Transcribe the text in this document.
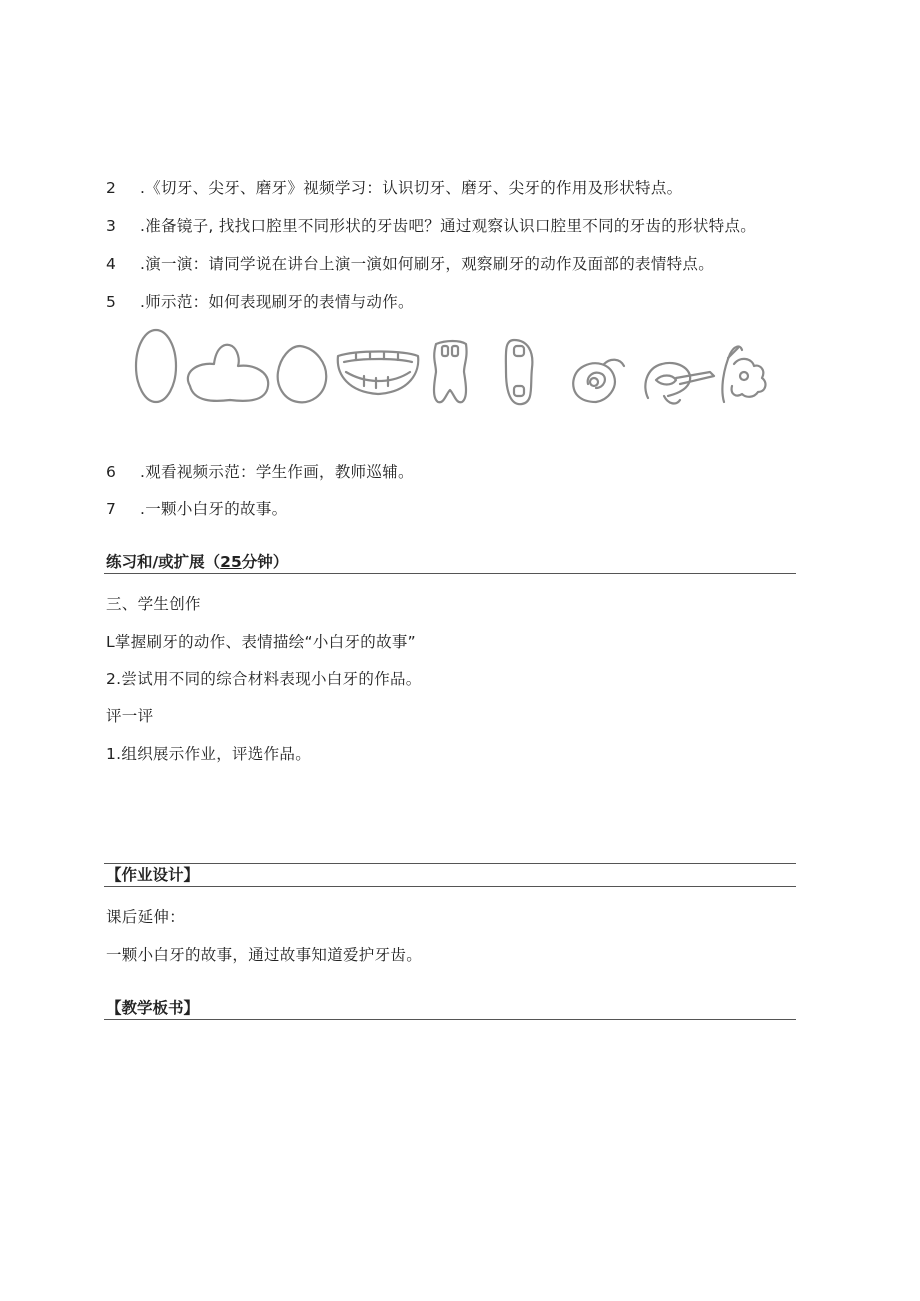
2 .《切牙、尖牙、磨牙》视频学习：认识切牙、磨牙、尖牙的作用及形状特点。
3 .准备镜子, 找找口腔里不同形状的牙齿吧？通过观察认识口腔里不同的牙齿的形状特点。
4 .演一演：请同学说在讲台上演一演如何刷牙，观察刷牙的动作及面部的表情特点。
5 .师示范：如何表现刷牙的表情与动作。
6 .观看视频示范：学生作画，教师巡辅。
7 .一颗小白牙的故事。
练习和/或扩展（25分钟）
三、学生创作
L掌握刷牙的动作、表情描绘“小白牙的故事”
2.尝试用不同的综合材料表现小白牙的作品。
评一评
1.组织展示作业，评选作品。
【作业设计】
课后延伸：
一颗小白牙的故事，通过故事知道爱护牙齿。
【教学板书】
